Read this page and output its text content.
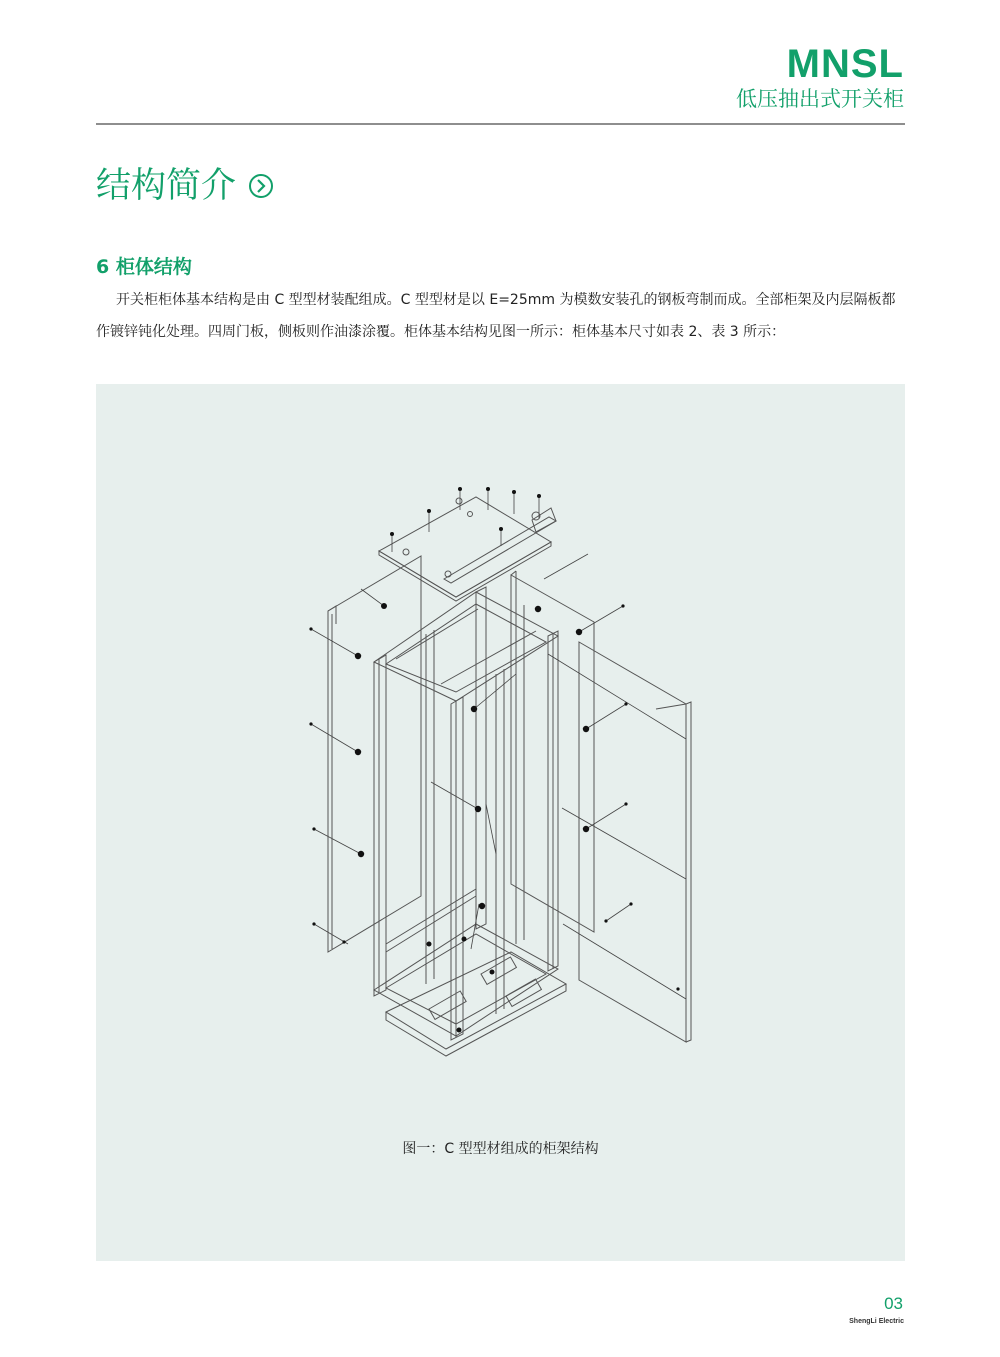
MNSL
低压抽出式开关柜
结构简介
6 柜体结构

开关柜柜体基本结构是由 C 型型材装配组成。C 型型材是以 E=25mm 为模数安装孔的钢板弯制而成。全部柜架及内层隔板都作镀锌钝化处理。四周门板，侧板则作油漆涂覆。柜体基本结构见图一所示：柜体基本尺寸如表 2、表 3 所示：

图一：C 型型材组成的柜架结构
03
ShengLi Electric
